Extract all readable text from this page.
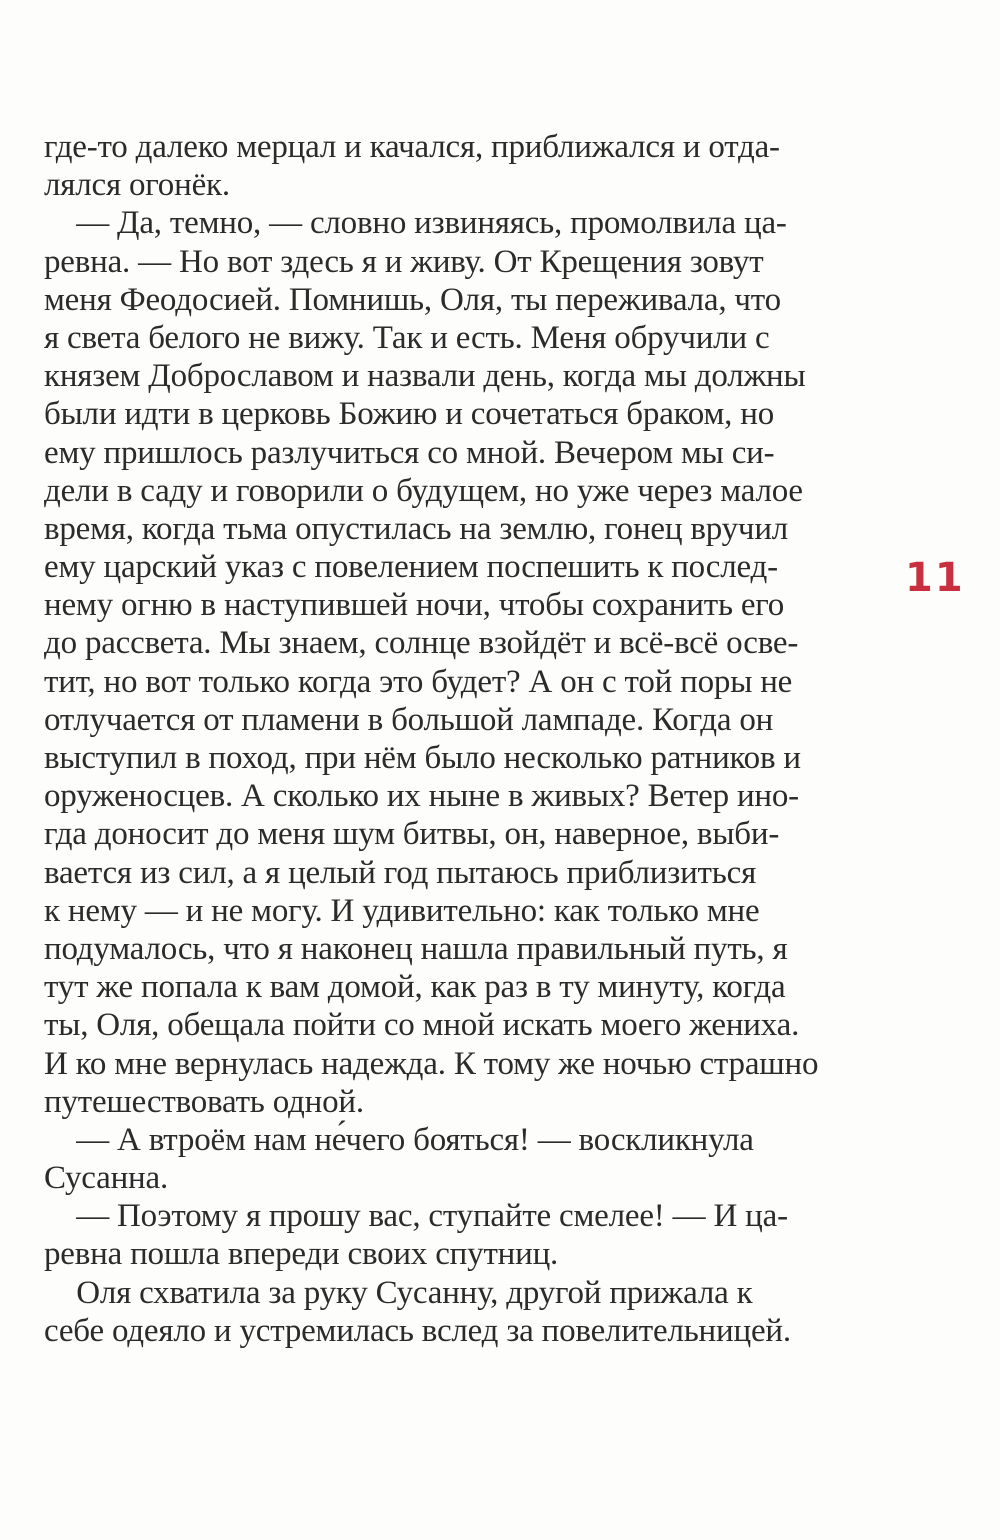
где-то далеко мерцал и качался, приближался и отда-
лялся огонёк.
— Да, темно, — словно извиняясь, промолвила ца-
ревна. — Но вот здесь я и живу. От Крещения зовут
меня Феодосией. Помнишь, Оля, ты переживала, что
я света белого не вижу. Так и есть. Меня обручили с
князем Доброславом и назвали день, когда мы должны
были идти в церковь Божию и сочетаться браком, но
ему пришлось разлучиться со мной. Вечером мы си-
дели в саду и говорили о будущем, но уже через малое
время, когда тьма опустилась на землю, гонец вручил
ему царский указ с повелением поспешить к послед-
нему огню в наступившей ночи, чтобы сохранить его
до рассвета. Мы знаем, солнце взойдёт и всё-всё осве-
тит, но вот только когда это будет? А он с той поры не
отлучается от пламени в большой лампаде. Когда он
выступил в поход, при нём было несколько ратников и
оруженосцев. А сколько их ныне в живых? Ветер ино-
гда доносит до меня шум битвы, он, наверное, выби-
вается из сил, а я целый год пытаюсь приблизиться
к нему — и не могу. И удивительно: как только мне
подумалось, что я наконец нашла правильный путь, я
тут же попала к вам домой, как раз в ту минуту, когда
ты, Оля, обещала пойти со мной искать моего жениха.
И ко мне вернулась надежда. К тому же ночью страшно
путешествовать одной.
— А втроём нам не́чего бояться! — воскликнула
Сусанна.
— Поэтому я прошу вас, ступайте смелее! — И ца-
ревна пошла впереди своих спутниц.
Оля схватила за руку Сусанну, другой прижала к
себе одеяло и устремилась вслед за повелительницей.
11
